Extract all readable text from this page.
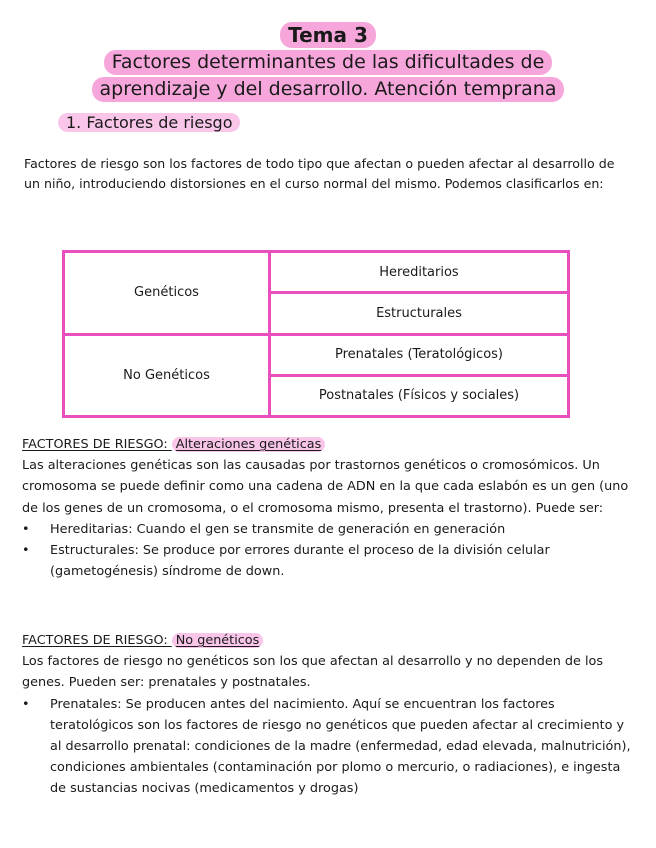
Tema 3
Factores determinantes de las dificultades de
aprendizaje y del desarrollo. Atención temprana
1. Factores de riesgo

Factores de riesgo son los factores de todo tipo que afectan o pueden afectar al desarrollo de un niño, introduciendo distorsiones en el curso normal del mismo. Podemos clasificarlos en:

Genéticos	Hereditarios
	Estructurales
No Genéticos	Prenatales (Teratológicos)
	Postnatales (Físicos y sociales)

FACTORES DE RIESGO: Alteraciones genéticas

Las alteraciones genéticas son las causadas por trastornos genéticos o cromosómicos. Un cromosoma se puede definir como una cadena de ADN en la que cada eslabón es un gen (uno de los genes de un cromosoma, o el cromosoma mismo, presenta el trastorno). Puede ser:

• Hereditarias: Cuando el gen se transmite de generación en generación
• Estructurales: Se produce por errores durante el proceso de la división celular (gametogénesis) síndrome de down.

FACTORES DE RIESGO: No genéticos

Los factores de riesgo no genéticos son los que afectan al desarrollo y no dependen de los genes. Pueden ser: prenatales y postnatales.

• Prenatales: Se producen antes del nacimiento. Aquí se encuentran los factores teratológicos son los factores de riesgo no genéticos que pueden afectar al crecimiento y al desarrollo prenatal: condiciones de la madre (enfermedad, edad elevada, malnutrición), condiciones ambientales (contaminación por plomo o mercurio, o radiaciones), e ingesta de sustancias nocivas (medicamentos y drogas)
